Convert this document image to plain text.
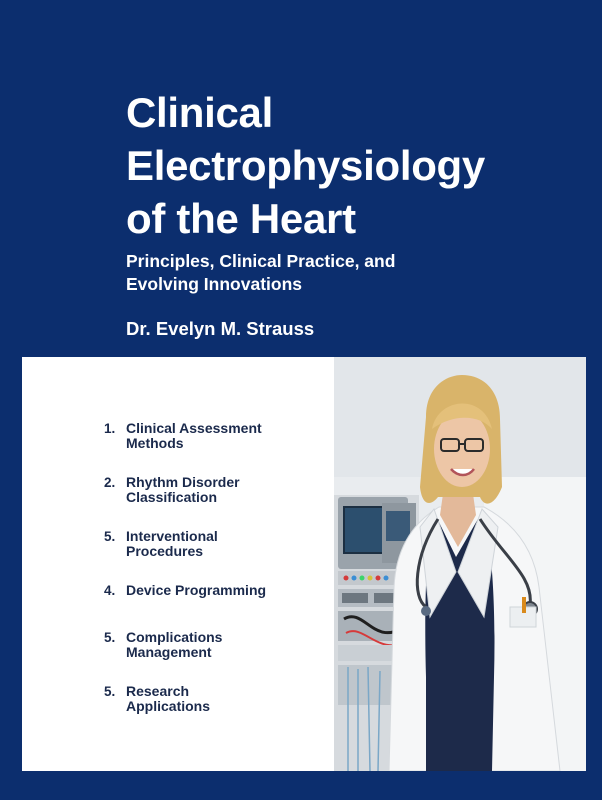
Clinical
Electrophysiology
of the Heart

Principles, Clinical Practice, and
Evolving Innovations

Dr. Evelyn M. Strauss

1. Clinical Assessment
Methods
2. Rhythm Disorder
Classification
5. Interventional
Procedures
4. Device Programming
5. Complications
Management
5. Research
Applications
